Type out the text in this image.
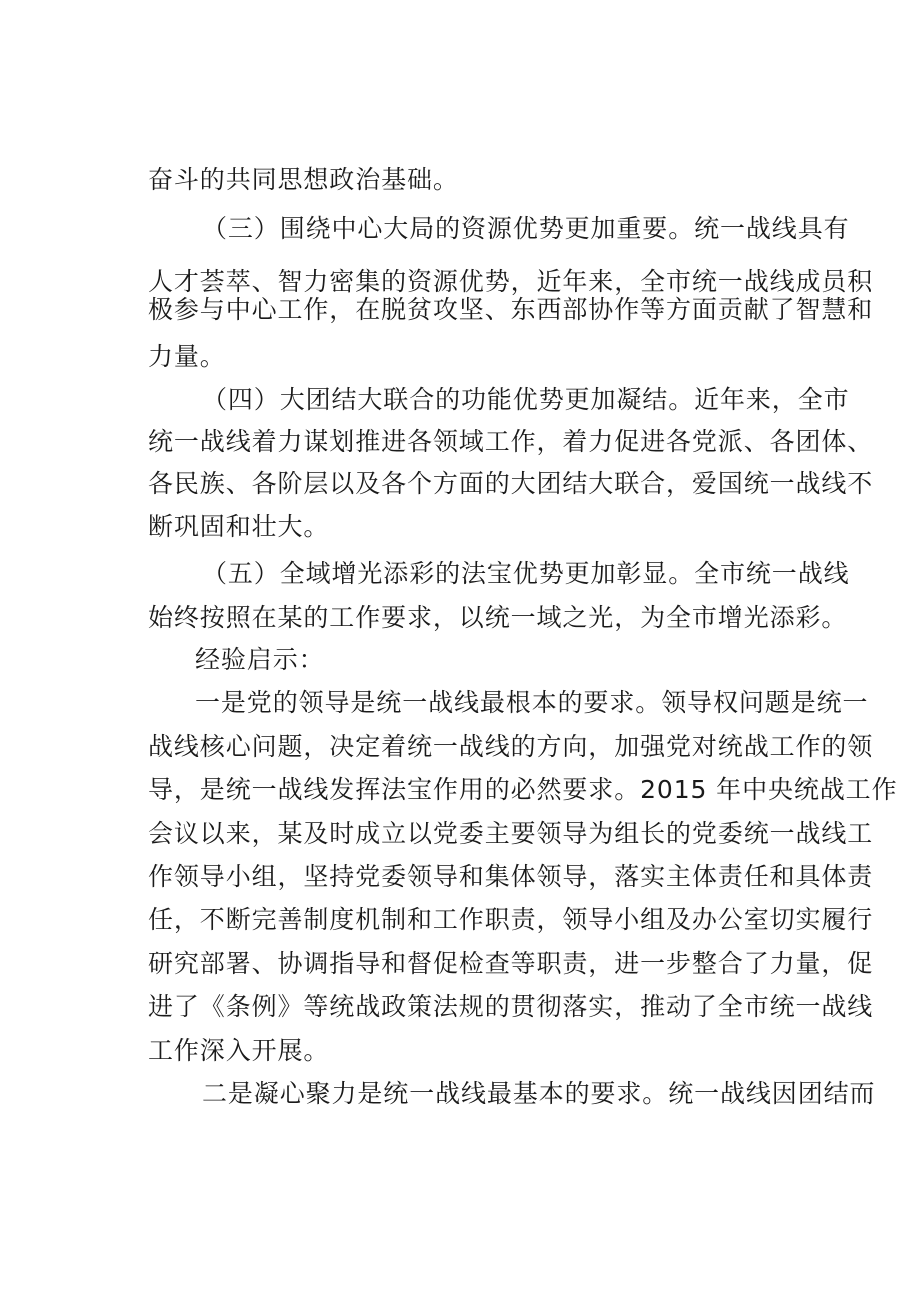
奋斗的共同思想政治基础。
（三）围绕中心大局的资源优势更加重要。统一战线具有
人才荟萃、智力密集的资源优势，近年来，全市统一战线成员积
极参与中心工作，在脱贫攻坚、东西部协作等方面贡献了智慧和
力量。
（四）大团结大联合的功能优势更加凝结。近年来，全市
统一战线着力谋划推进各领域工作，着力促进各党派、各团体、
各民族、各阶层以及各个方面的大团结大联合，爱国统一战线不
断巩固和壮大。
（五）全域增光添彩的法宝优势更加彰显。全市统一战线
始终按照在某的工作要求，以统一域之光，为全市增光添彩。
经验启示：
一是党的领导是统一战线最根本的要求。领导权问题是统一
战线核心问题，决定着统一战线的方向，加强党对统战工作的领
导，是统一战线发挥法宝作用的必然要求。2015 年中央统战工作
会议以来，某及时成立以党委主要领导为组长的党委统一战线工
作领导小组，坚持党委领导和集体领导，落实主体责任和具体责
任，不断完善制度机制和工作职责，领导小组及办公室切实履行
研究部署、协调指导和督促检查等职责，进一步整合了力量，促
进了《条例》等统战政策法规的贯彻落实，推动了全市统一战线
工作深入开展。
二是凝心聚力是统一战线最基本的要求。统一战线因团结而
